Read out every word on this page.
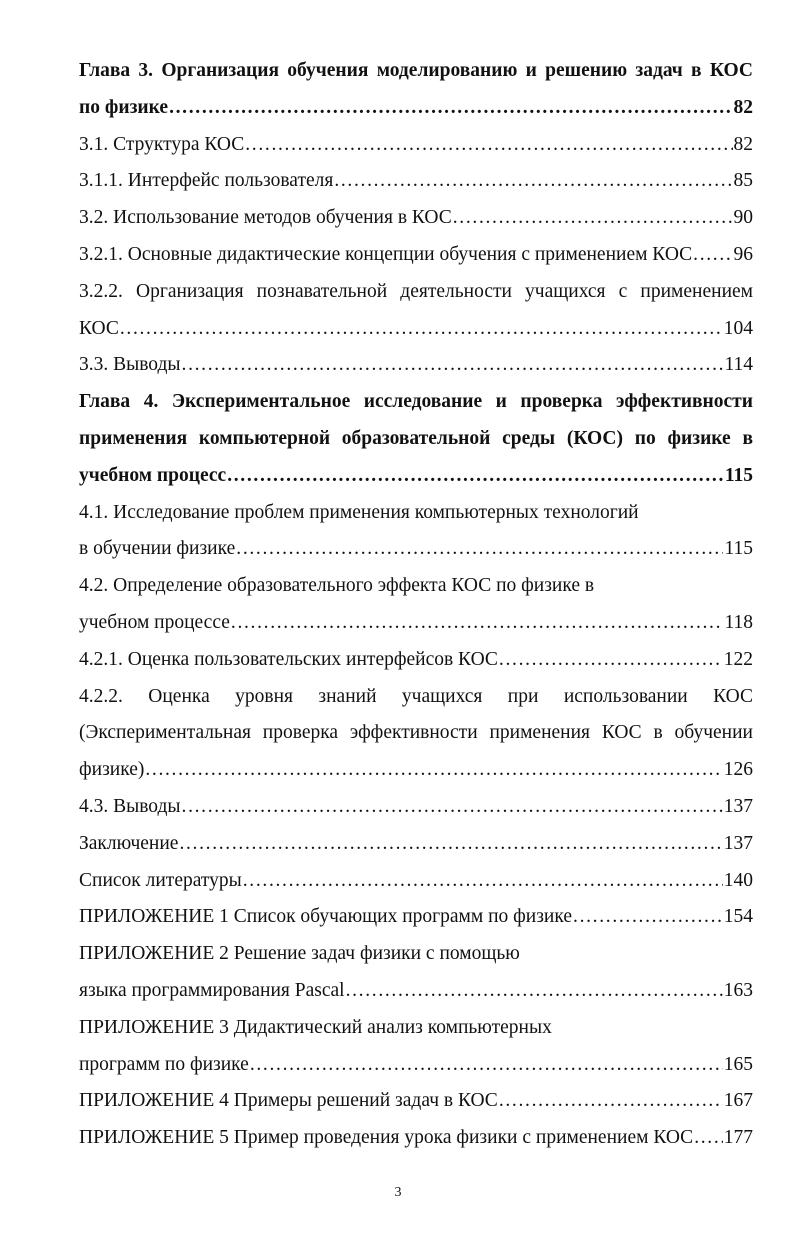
Глава 3. Организация обучения моделированию и решению задач в КОС
по физике . . .	82
3.1. Структура КОС . . .	82
3.1.1. Интерфейс пользователя . . .	85
3.2. Использование методов обучения в КОС . . .	90
3.2.1. Основные дидактические концепции обучения с применением КОС . . . 96
3.2.2. Организация познавательной деятельности учащихся с применением
КОС . . .	104
3.3. Выводы . . .	114
Глава 4. Экспериментальное исследование и проверка эффективности
применения компьютерной образовательной среды (КОС) по физике в
учебном процесс . . .	115
4.1. Исследование проблем применения компьютерных технологий
в обучении физике . . .	115
4.2. Определение образовательного эффекта КОС по физике в
учебном процессе . . .	118
4.2.1. Оценка пользовательских интерфейсов КОС . . .	122
4.2.2. Оценка уровня знаний учащихся при использовании КОС
(Экспериментальная проверка эффективности применения КОС в обучении
физике) . . .	126
4.3. Выводы . . .	137
Заключение . . .	137
Список литературы . . .	140
ПРИЛОЖЕНИЕ 1 Список обучающих программ по физике . . .	154
ПРИЛОЖЕНИЕ 2 Решение задач физики с помощью
языка программирования Pascal . . .	163
ПРИЛОЖЕНИЕ 3 Дидактический анализ компьютерных
программ по физике . . .	165
ПРИЛОЖЕНИЕ 4 Примеры решений задач в КОС . . .	167
ПРИЛОЖЕНИЕ 5 Пример проведения урока физики с применением КОС . . . 177
3
